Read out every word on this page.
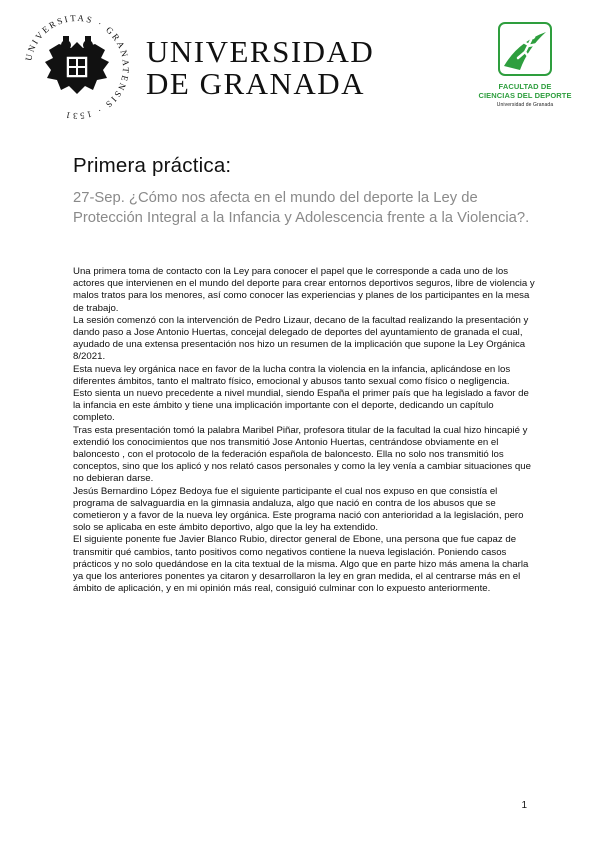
UNIVERSITAS · GRANATENSIS · 1531
UNIVERSIDAD
DE GRANADA	FACULTAD DE
CIENCIAS DEL DEPORTE
Universidad de Granada
Primera práctica:
27-Sep. ¿Cómo nos afecta en el mundo del deporte la Ley de Protección Integral a la Infancia y Adolescencia frente a la Violencia?.

Una primera toma de contacto con la Ley para conocer el papel que le corresponde a cada uno de los actores que intervienen en el mundo del deporte para crear entornos deportivos seguros, libre de violencia y malos tratos para los menores, así como conocer las experiencias y planes de los participantes en la mesa de trabajo.

La sesión comenzó con la intervención de Pedro Lizaur, decano de la facultad realizando la presentación y dando paso a Jose Antonio Huertas, concejal delegado de deportes del ayuntamiento de granada el cual, ayudado de una extensa presentación nos hizo un resumen de la implicación que supone la Ley Orgánica 8/2021.

Esta nueva ley orgánica nace en favor de la lucha contra la violencia en la infancia, aplicándose en los diferentes ámbitos, tanto el maltrato físico, emocional y abusos tanto sexual como físico o negligencia.

Esto sienta un nuevo precedente a nivel mundial, siendo España el primer país que ha legislado a favor de la infancia en este ámbito y tiene una implicación importante con el deporte, dedicando un capítulo completo.

Tras esta presentación tomó la palabra Maribel Piñar, profesora titular de la facultad la cual hizo hincapié y extendió los conocimientos que nos transmitió Jose Antonio Huertas, centrándose obviamente en el baloncesto , con el protocolo de la federación española de baloncesto. Ella no solo nos transmitió los conceptos, sino que los aplicó y nos relató casos personales y como la ley venía a cambiar situaciones que no debieran darse.

Jesús Bernardino López Bedoya fue el siguiente participante el cual nos expuso en que consistía el programa de salvaguardia en la gimnasia andaluza, algo que nació en contra de los abusos que se cometieron y a favor de la nueva ley orgánica. Este programa nació con anterioridad a la legislación, pero solo se aplicaba en este ámbito deportivo, algo que la ley ha extendido.

El siguiente ponente fue Javier Blanco Rubio, director general de Ebone, una persona que fue capaz de transmitir qué cambios, tanto positivos como negativos contiene la nueva legislación. Poniendo casos prácticos y no solo quedándose en la cita textual de la misma. Algo que en parte hizo más amena la charla ya que los anteriores ponentes ya citaron y desarrollaron la ley en gran medida, el al centrarse más en el ámbito de aplicación, y en mi opinión más real, consiguió culminar con lo expuesto anteriormente.

1
